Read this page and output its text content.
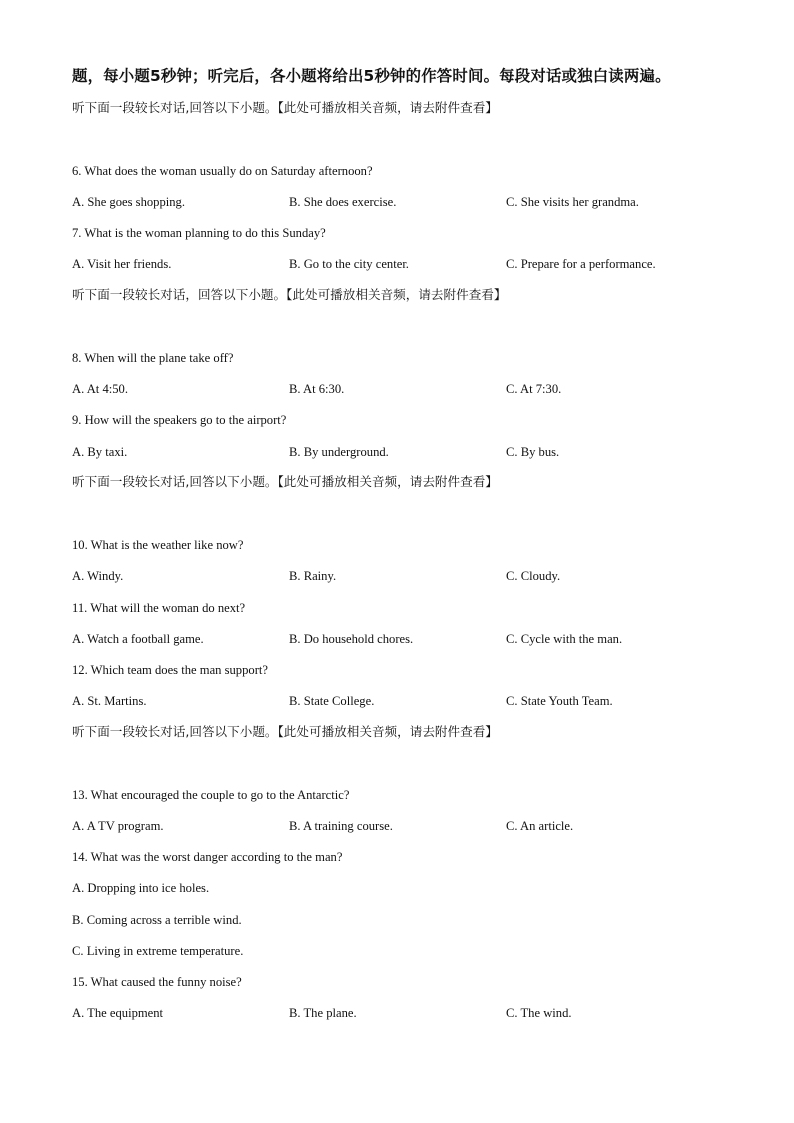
题，每小题5秒钟；听完后，各小题将给出5秒钟的作答时间。每段对话或独白读两遍。
听下面一段较长对话,回答以下小题。【此处可播放相关音频，请去附件查看】
6. What does the woman usually do on Saturday afternoon?
A. She goes shopping.	B. She does exercise.	C. She visits her grandma.
7. What is the woman planning to do this Sunday?
A. Visit her friends.	B. Go to the city center.	C. Prepare for a performance.
听下面一段较长对话，回答以下小题。【此处可播放相关音频，请去附件查看】
8. When will the plane take off?
A. At 4:50.	B. At 6:30.	C. At 7:30.
9. How will the speakers go to the airport?
A. By taxi.	B. By underground.	C. By bus.
听下面一段较长对话,回答以下小题。【此处可播放相关音频，请去附件查看】
10. What is the weather like now?
A. Windy.	B. Rainy.	C. Cloudy.
11. What will the woman do next?
A. Watch a football game.	B. Do household chores.	C. Cycle with the man.
12. Which team does the man support?
A. St. Martins.	B. State College.	C. State Youth Team.
听下面一段较长对话,回答以下小题。【此处可播放相关音频，请去附件查看】
13. What encouraged the couple to go to the Antarctic?
A. A TV program.	B. A training course.	C. An article.
14. What was the worst danger according to the man?
A. Dropping into ice holes.
B. Coming across a terrible wind.
C. Living in extreme temperature.
15. What caused the funny noise?
A. The equipment	B. The plane.	C. The wind.
